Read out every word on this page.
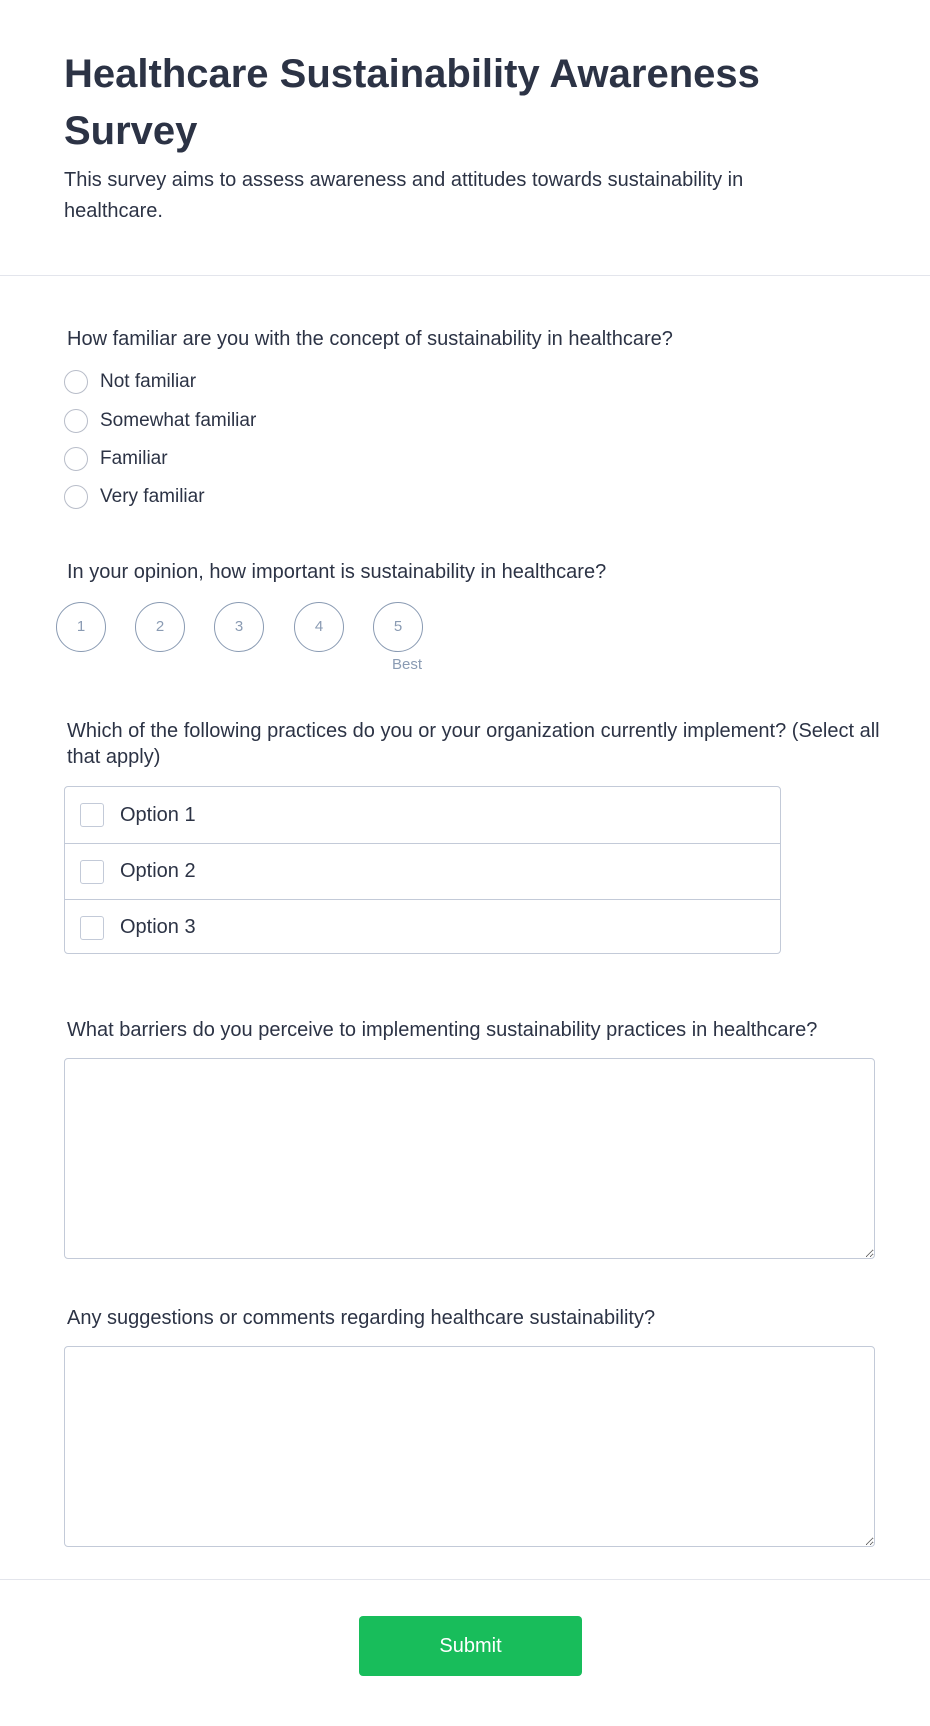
Healthcare Sustainability Awareness Survey

This survey aims to assess awareness and attitudes towards sustainability in healthcare.

How familiar are you with the concept of sustainability in healthcare?

Not familiar
Somewhat familiar
Familiar
Very familiar

In your opinion, how important is sustainability in healthcare?

1	2	3	4	5
Best

Which of the following practices do you or your organization currently implement? (Select all that apply)

Option 1
Option 2
Option 3

What barriers do you perceive to implementing sustainability practices in healthcare?

Any suggestions or comments regarding healthcare sustainability?

Submit
